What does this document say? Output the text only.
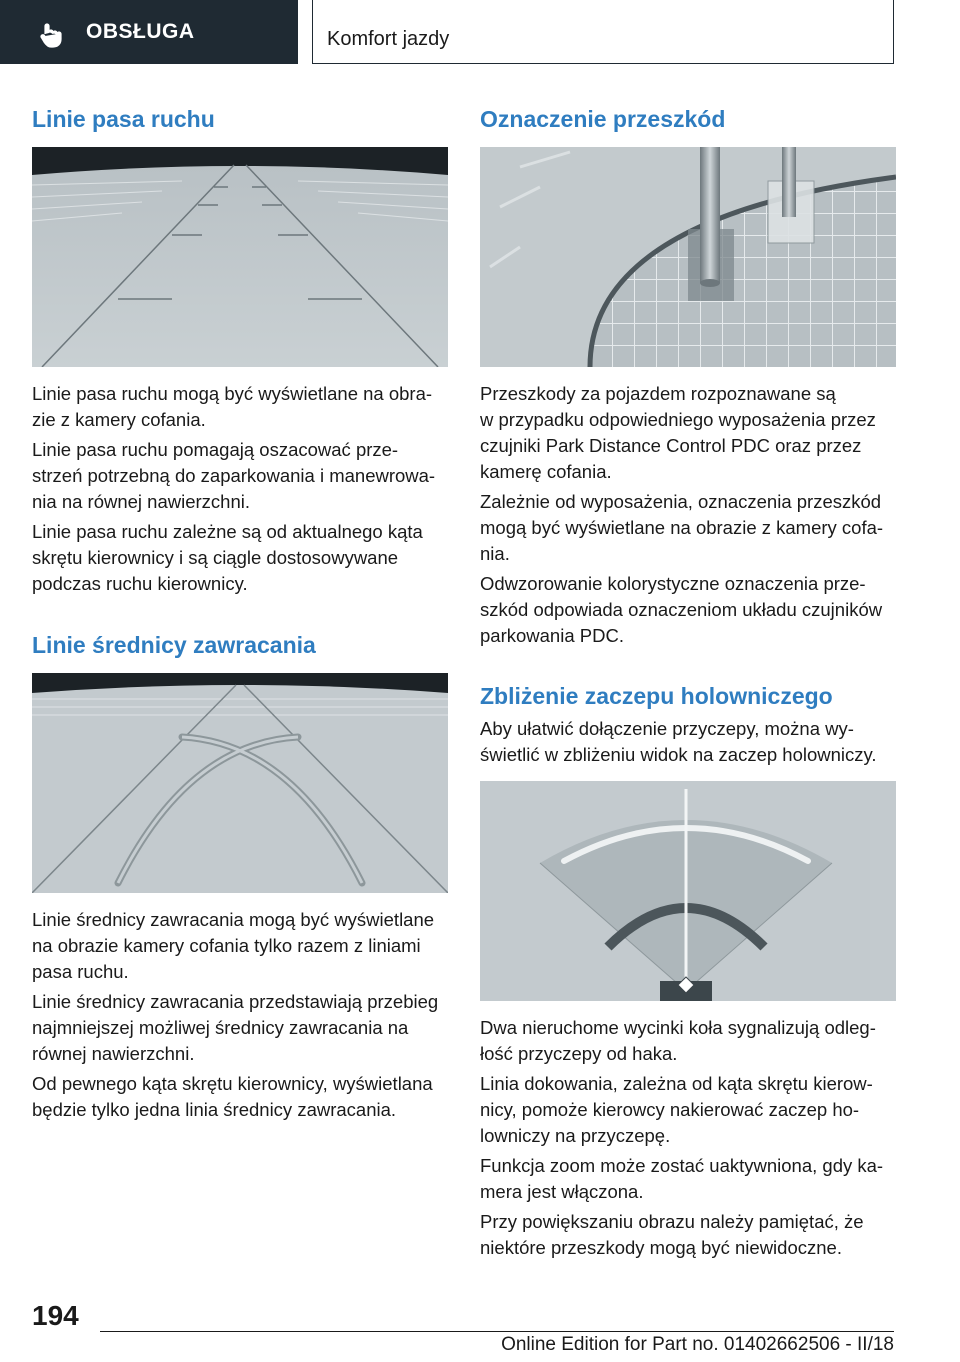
OBSŁUGA	Komfort jazdy
Linie pasa ruchu

Linie pasa ruchu mogą być wyświetlane na obra‐
zie z kamery cofania.

Linie pasa ruchu pomagają oszacować prze‐
strzeń potrzebną do zaparkowania i manewrowa‐
nia na równej nawierzchni.

Linie pasa ruchu zależne są od aktualnego kąta
skrętu kierownicy i są ciągle dostosowywane
podczas ruchu kierownicy.

Linie średnicy zawracania

Linie średnicy zawracania mogą być wyświetlane
na obrazie kamery cofania tylko razem z liniami
pasa ruchu.

Linie średnicy zawracania przedstawiają przebieg
najmniejszej możliwej średnicy zawracania na
równej nawierzchni.

Od pewnego kąta skrętu kierownicy, wyświetlana
będzie tylko jedna linia średnicy zawracania.

Oznaczenie przeszkód

Przeszkody za pojazdem rozpoznawane są
w przypadku odpowiedniego wyposażenia przez
czujniki Park Distance Control PDC oraz przez
kamerę cofania.

Zależnie od wyposażenia, oznaczenia przeszkód
mogą być wyświetlane na obrazie z kamery cofa‐
nia.

Odwzorowanie kolorystyczne oznaczenia prze‐
szkód odpowiada oznaczeniom układu czujników
parkowania PDC.

Zbliżenie zaczepu holowniczego

Aby ułatwić dołączenie przyczepy, można wy‐
świetlić w zbliżeniu widok na zaczep holowniczy.

Dwa nieruchome wycinki koła sygnalizują odleg‐
łość przyczepy od haka.

Linia dokowania, zależna od kąta skrętu kierow‐
nicy, pomoże kierowcy nakierować zaczep ho‐
lowniczy na przyczepę.

Funkcja zoom może zostać uaktywniona, gdy ka‐
mera jest włączona.

Przy powiększaniu obrazu należy pamiętać, że
niektóre przeszkody mogą być niewidoczne.

194
Online Edition for Part no. 01402662506 - II/18
